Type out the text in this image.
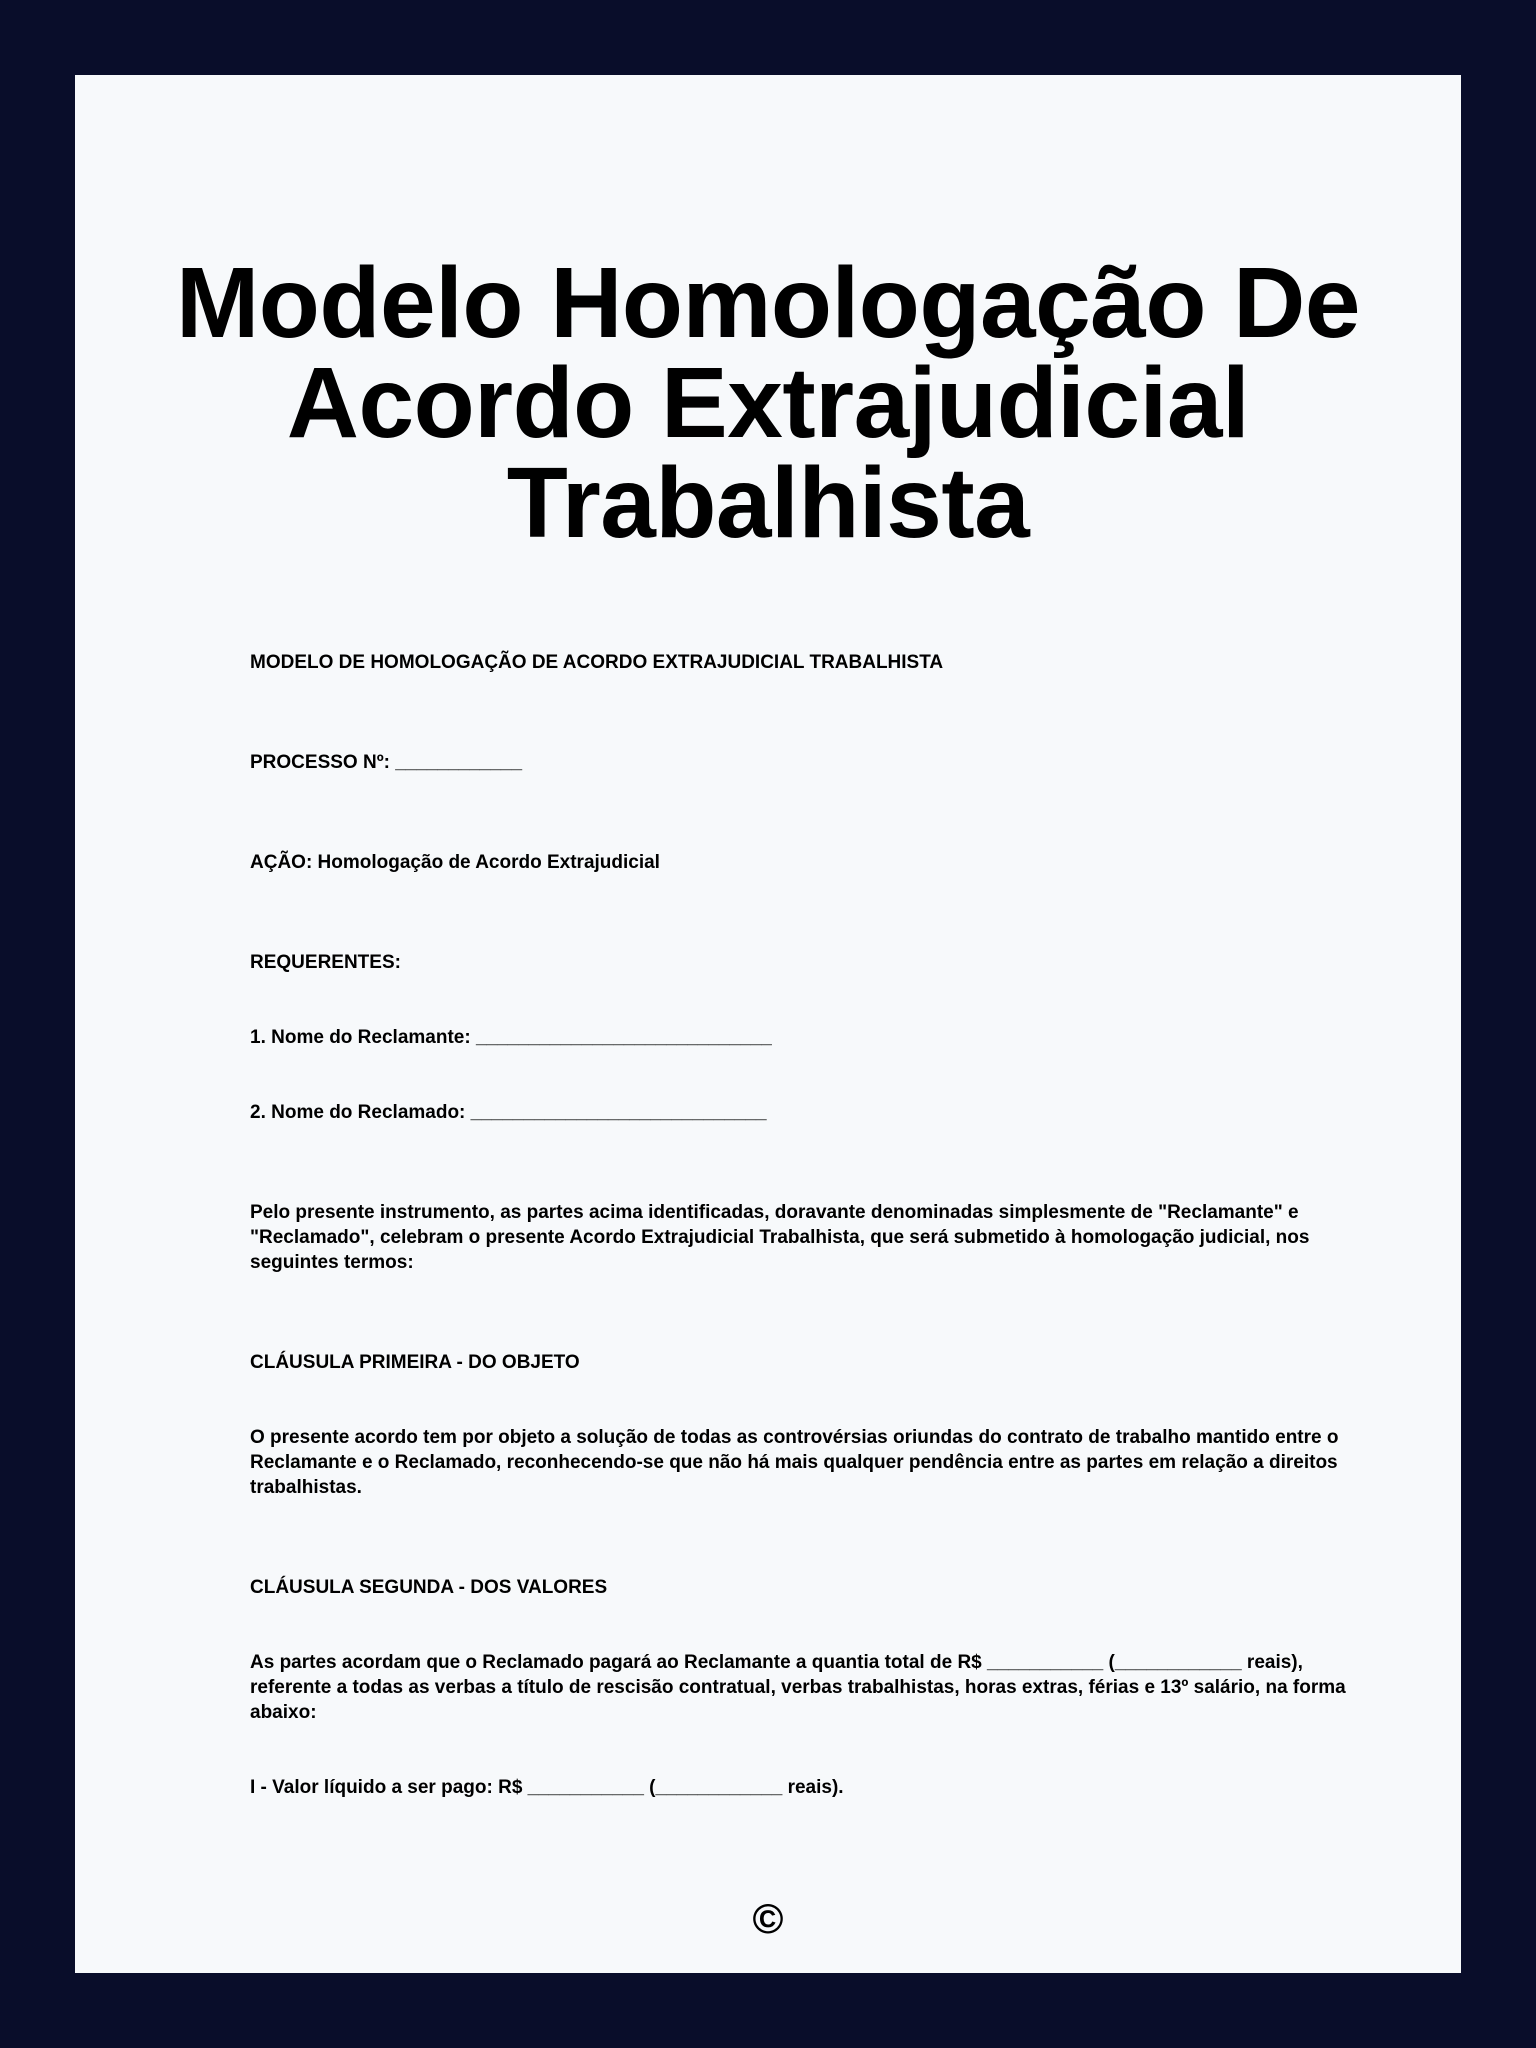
Modelo Homologação De Acordo Extrajudicial Trabalhista

MODELO DE HOMOLOGAÇÃO DE ACORDO EXTRAJUDICIAL TRABALHISTA

PROCESSO Nº: ____________

AÇÃO: Homologação de Acordo Extrajudicial

REQUERENTES:

1. Nome do Reclamante: ____________________________

2. Nome do Reclamado: ____________________________

Pelo presente instrumento, as partes acima identificadas, doravante denominadas simplesmente de "Reclamante" e "Reclamado", celebram o presente Acordo Extrajudicial Trabalhista, que será submetido à homologação judicial, nos seguintes termos:

CLÁUSULA PRIMEIRA - DO OBJETO

O presente acordo tem por objeto a solução de todas as controvérsias oriundas do contrato de trabalho mantido entre o Reclamante e o Reclamado, reconhecendo-se que não há mais qualquer pendência entre as partes em relação a direitos trabalhistas.

CLÁUSULA SEGUNDA - DOS VALORES

As partes acordam que o Reclamado pagará ao Reclamante a quantia total de R$ ___________ (____________ reais), referente a todas as verbas a título de rescisão contratual, verbas trabalhistas, horas extras, férias e 13º salário, na forma abaixo:

I - Valor líquido a ser pago: R$ ___________ (____________ reais).

©
